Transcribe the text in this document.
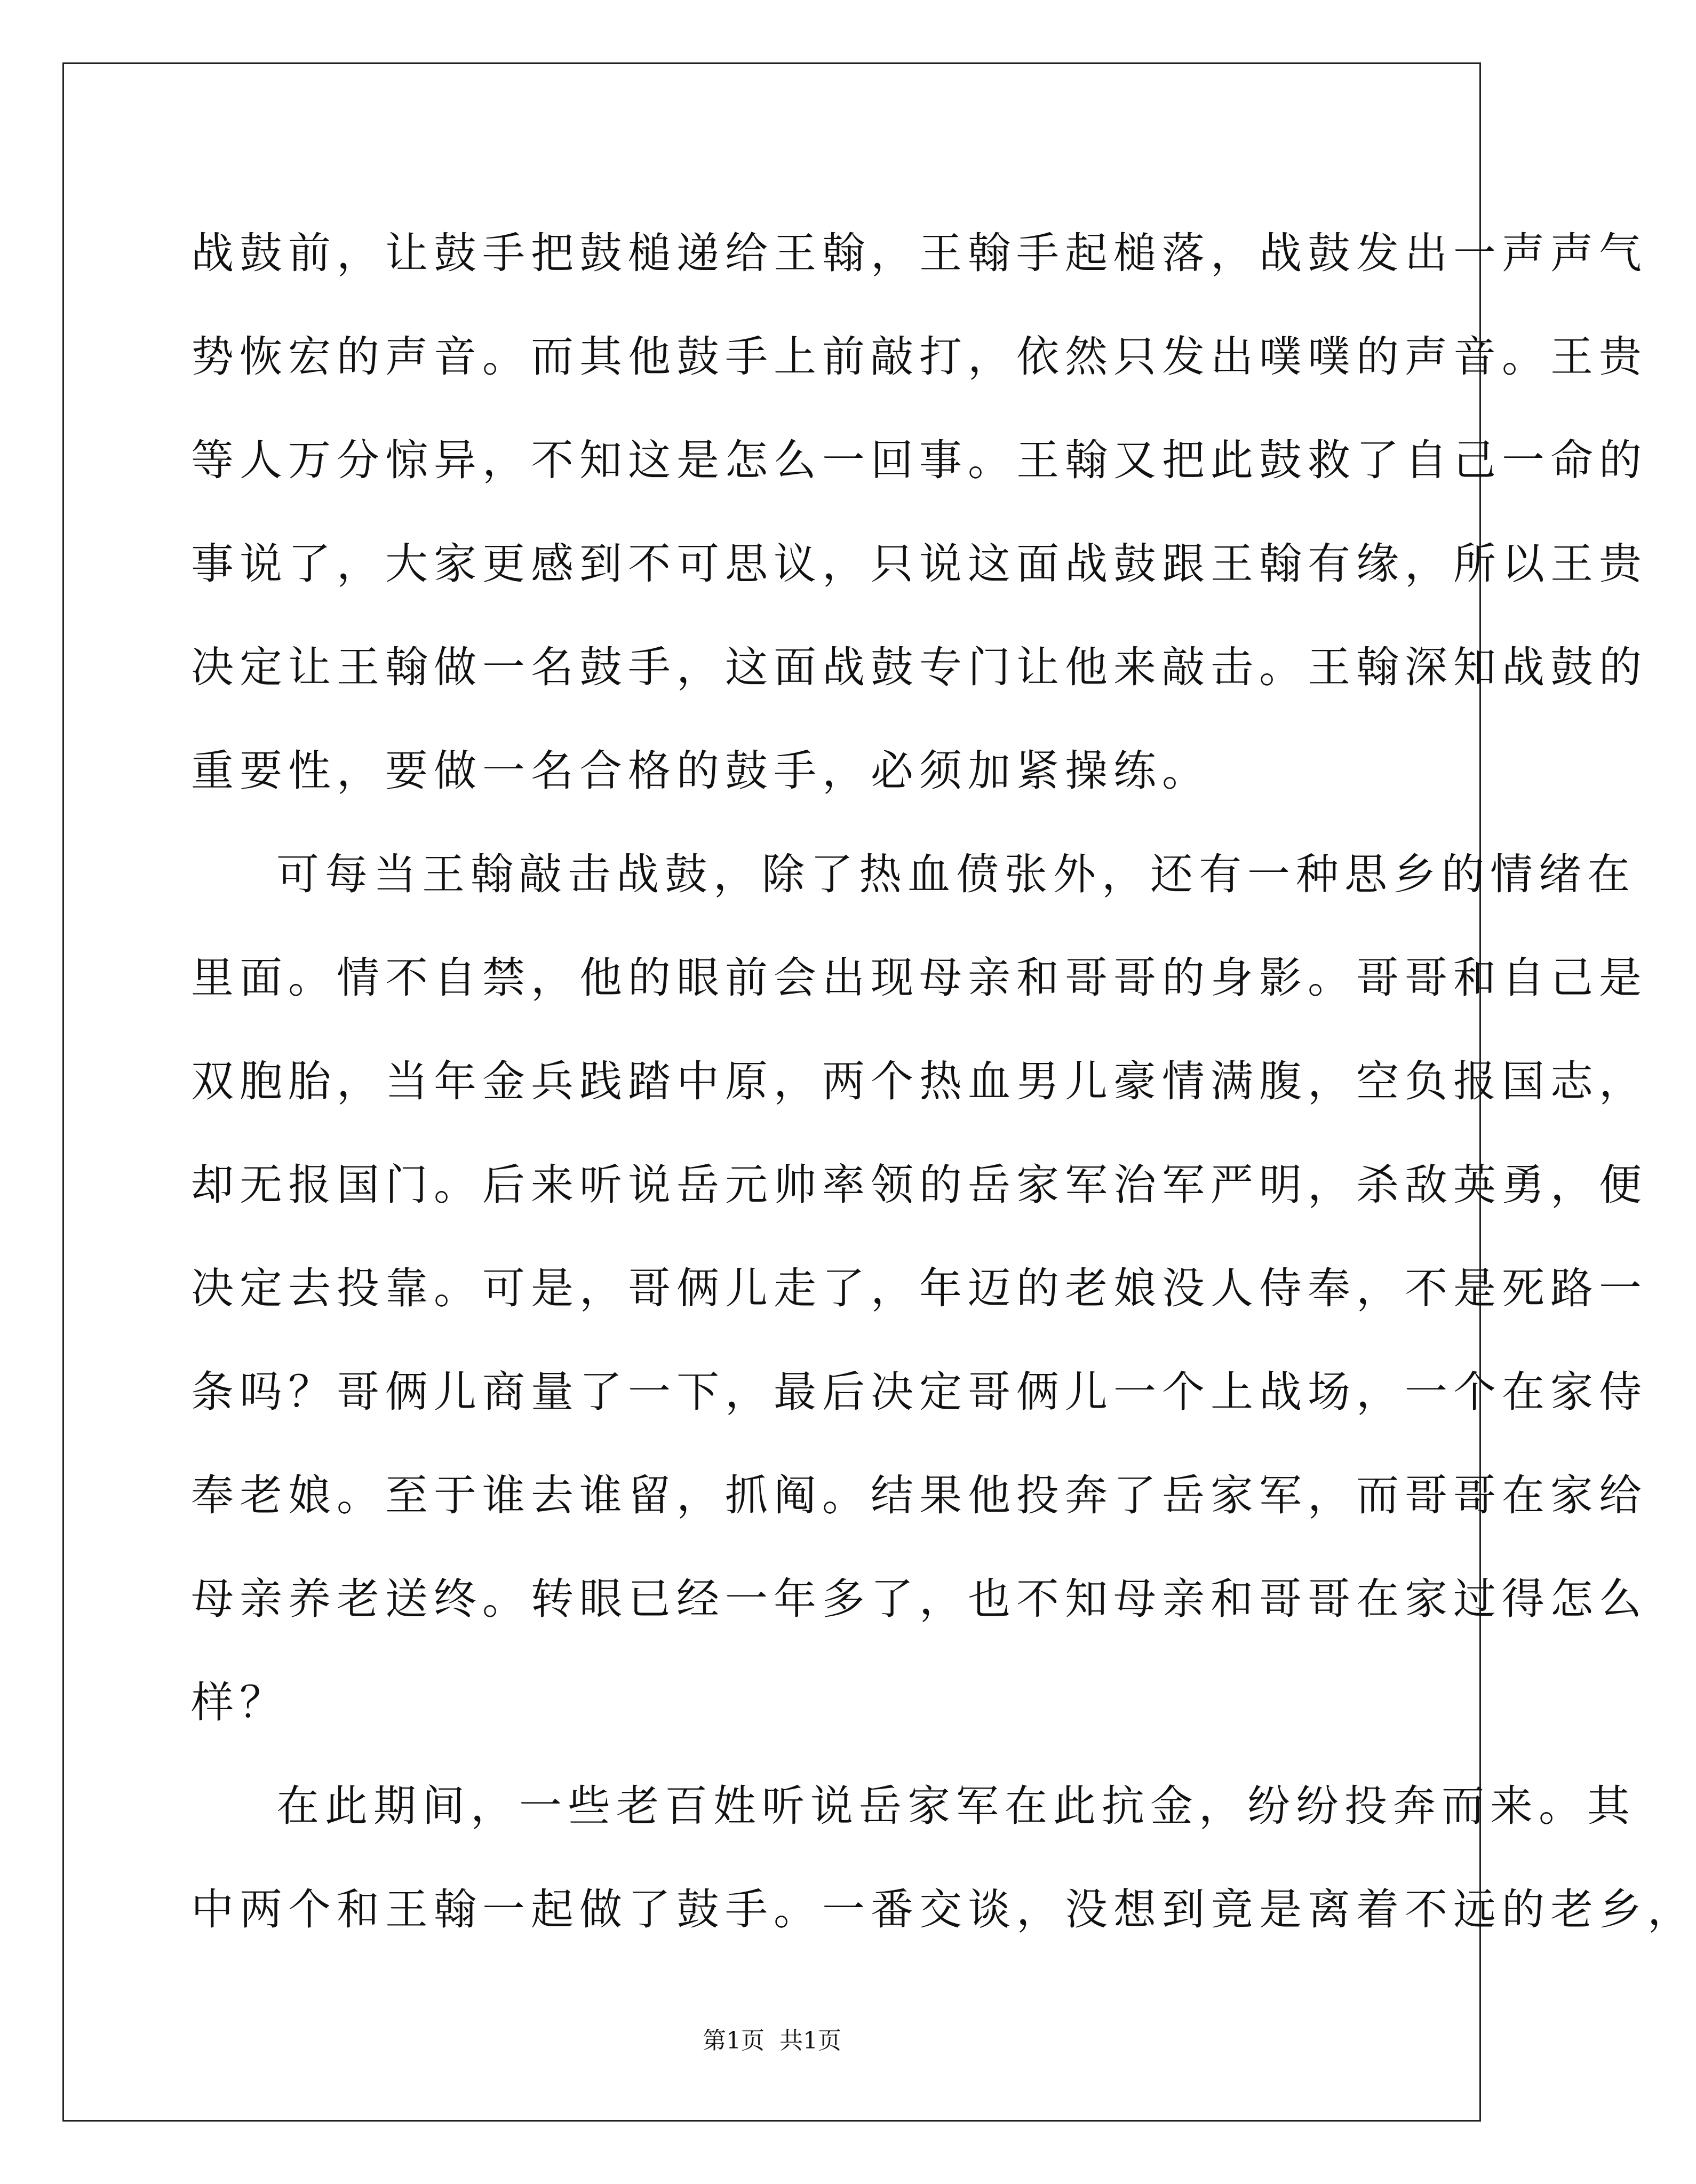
战鼓前，让鼓手把鼓槌递给王翰，王翰手起槌落，战鼓发出一声声气
势恢宏的声音。而其他鼓手上前敲打，依然只发出噗噗的声音。王贵
等人万分惊异，不知这是怎么一回事。王翰又把此鼓救了自己一命的
事说了，大家更感到不可思议，只说这面战鼓跟王翰有缘，所以王贵
决定让王翰做一名鼓手，这面战鼓专门让他来敲击。王翰深知战鼓的
重要性，要做一名合格的鼓手，必须加紧操练。
可每当王翰敲击战鼓，除了热血偾张外，还有一种思乡的情绪在
里面。情不自禁，他的眼前会出现母亲和哥哥的身影。哥哥和自己是
双胞胎，当年金兵践踏中原，两个热血男儿豪情满腹，空负报国志，
却无报国门。后来听说岳元帅率领的岳家军治军严明，杀敌英勇，便
决定去投靠。可是，哥俩儿走了，年迈的老娘没人侍奉，不是死路一
条吗？哥俩儿商量了一下，最后决定哥俩儿一个上战场，一个在家侍
奉老娘。至于谁去谁留，抓阄。结果他投奔了岳家军，而哥哥在家给
母亲养老送终。转眼已经一年多了，也不知母亲和哥哥在家过得怎么
样？
在此期间，一些老百姓听说岳家军在此抗金，纷纷投奔而来。其
中两个和王翰一起做了鼓手。一番交谈，没想到竟是离着不远的老乡，
第1页  共1页
